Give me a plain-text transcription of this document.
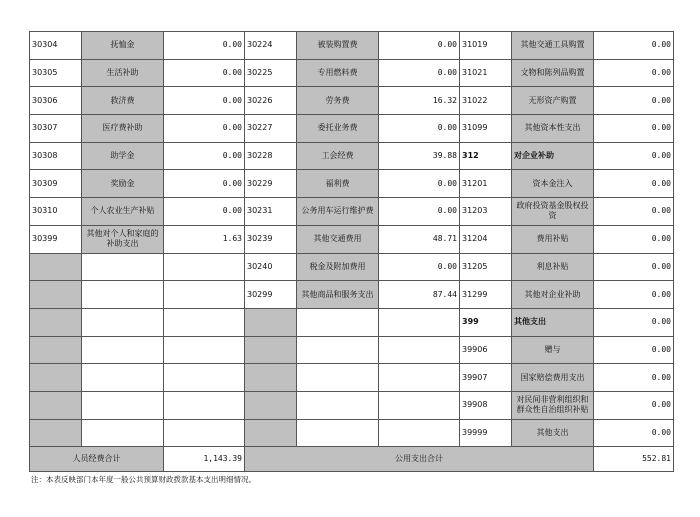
30304	抚恤金	0.00	30224	被装购置费	0.00	31019	其他交通工具购置	0.00
30305	生活补助	0.00	30225	专用燃料费	0.00	31021	文物和陈列品购置	0.00
30306	救济费	0.00	30226	劳务费	16.32	31022	无形资产购置	0.00
30307	医疗费补助	0.00	30227	委托业务费	0.00	31099	其他资本性支出	0.00
30308	助学金	0.00	30228	工会经费	39.88	312	对企业补助	0.00
30309	奖励金	0.00	30229	福利费	0.00	31201	资本金注入	0.00
30310	个人农业生产补贴	0.00	30231	公务用车运行维护费	0.00	31203	政府投资基金股权投资	0.00
30399	其他对个人和家庭的补助支出	1.63	30239	其他交通费用	48.71	31204	费用补贴	0.00
			30240	税金及附加费用	0.00	31205	利息补贴	0.00
			30299	其他商品和服务支出	87.44	31299	其他对企业补助	0.00
						399	其他支出	0.00
						39906	赠与	0.00
						39907	国家赔偿费用支出	0.00
						39908	对民间非营利组织和群众性自治组织补贴	0.00
						39999	其他支出	0.00
人员经费合计		1,143.39	公用支出合计					552.81
注：本表反映部门本年度一般公共预算财政拨款基本支出明细情况。
